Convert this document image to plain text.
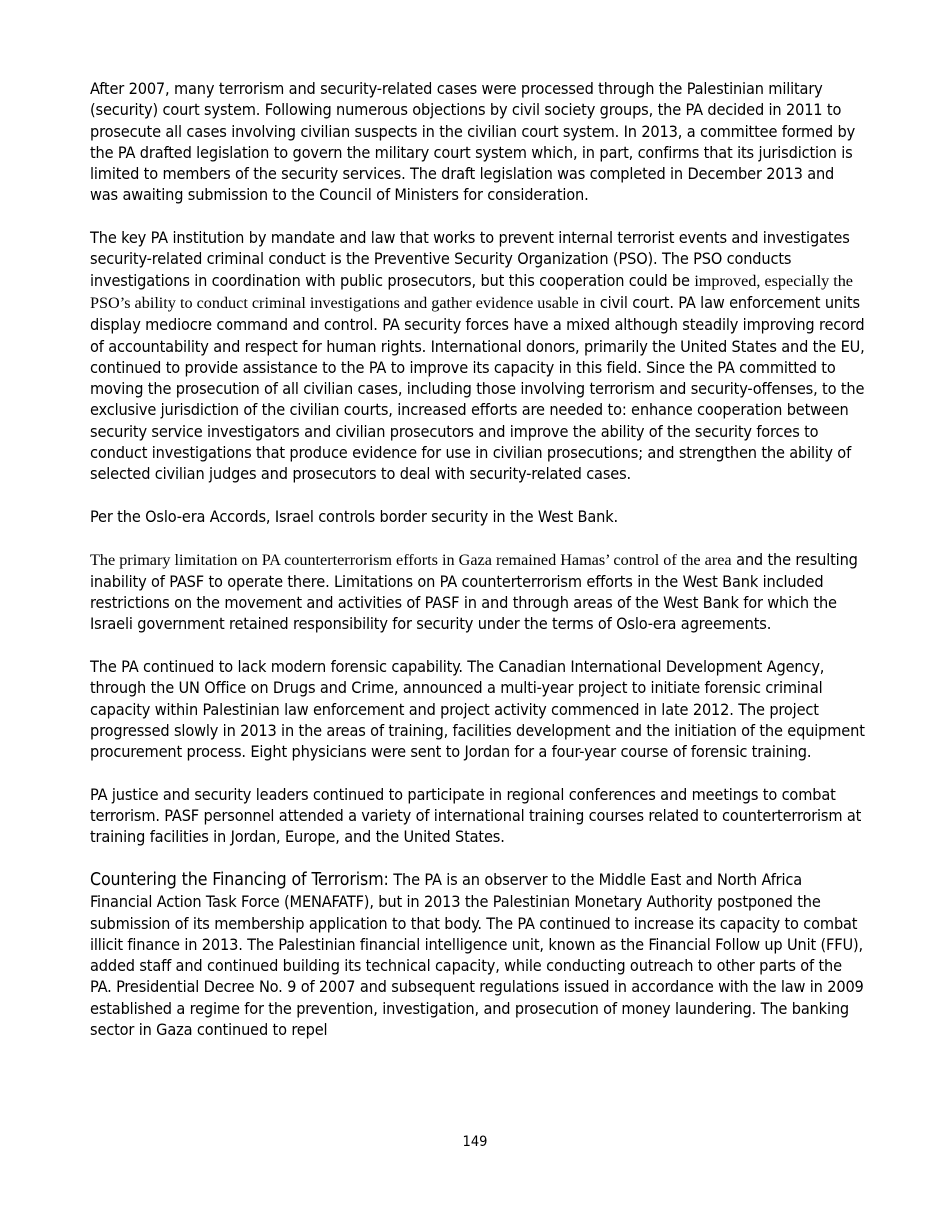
After 2007, many terrorism and security-related cases were processed through the Palestinian military (security) court system. Following numerous objections by civil society groups, the PA decided in 2011 to prosecute all cases involving civilian suspects in the civilian court system. In 2013, a committee formed by the PA drafted legislation to govern the military court system which, in part, confirms that its jurisdiction is limited to members of the security services. The draft legislation was completed in December 2013 and was awaiting submission to the Council of Ministers for consideration.

The key PA institution by mandate and law that works to prevent internal terrorist events and investigates security-related criminal conduct is the Preventive Security Organization (PSO). The PSO conducts investigations in coordination with public prosecutors, but this cooperation could be improved, especially the PSO’s ability to conduct criminal investigations and gather evidence usable in civil court. PA law enforcement units display mediocre command and control. PA security forces have a mixed although steadily improving record of accountability and respect for human rights. International donors, primarily the United States and the EU, continued to provide assistance to the PA to improve its capacity in this field. Since the PA committed to moving the prosecution of all civilian cases, including those involving terrorism and security-offenses, to the exclusive jurisdiction of the civilian courts, increased efforts are needed to: enhance cooperation between security service investigators and civilian prosecutors and improve the ability of the security forces to conduct investigations that produce evidence for use in civilian prosecutions; and strengthen the ability of selected civilian judges and prosecutors to deal with security-related cases.

Per the Oslo-era Accords, Israel controls border security in the West Bank.

The primary limitation on PA counterterrorism efforts in Gaza remained Hamas’ control of the area and the resulting inability of PASF to operate there. Limitations on PA counterterrorism efforts in the West Bank included restrictions on the movement and activities of PASF in and through areas of the West Bank for which the Israeli government retained responsibility for security under the terms of Oslo-era agreements.

The PA continued to lack modern forensic capability. The Canadian International Development Agency, through the UN Office on Drugs and Crime, announced a multi-year project to initiate forensic criminal capacity within Palestinian law enforcement and project activity commenced in late 2012. The project progressed slowly in 2013 in the areas of training, facilities development and the initiation of the equipment procurement process. Eight physicians were sent to Jordan for a four-year course of forensic training.

PA justice and security leaders continued to participate in regional conferences and meetings to combat terrorism. PASF personnel attended a variety of international training courses related to counterterrorism at training facilities in Jordan, Europe, and the United States.

Countering the Financing of Terrorism: The PA is an observer to the Middle East and North Africa Financial Action Task Force (MENAFATF), but in 2013 the Palestinian Monetary Authority postponed the submission of its membership application to that body. The PA continued to increase its capacity to combat illicit finance in 2013. The Palestinian financial intelligence unit, known as the Financial Follow up Unit (FFU), added staff and continued building its technical capacity, while conducting outreach to other parts of the PA. Presidential Decree No. 9 of 2007 and subsequent regulations issued in accordance with the law in 2009 established a regime for the prevention, investigation, and prosecution of money laundering. The banking sector in Gaza continued to repel

149
